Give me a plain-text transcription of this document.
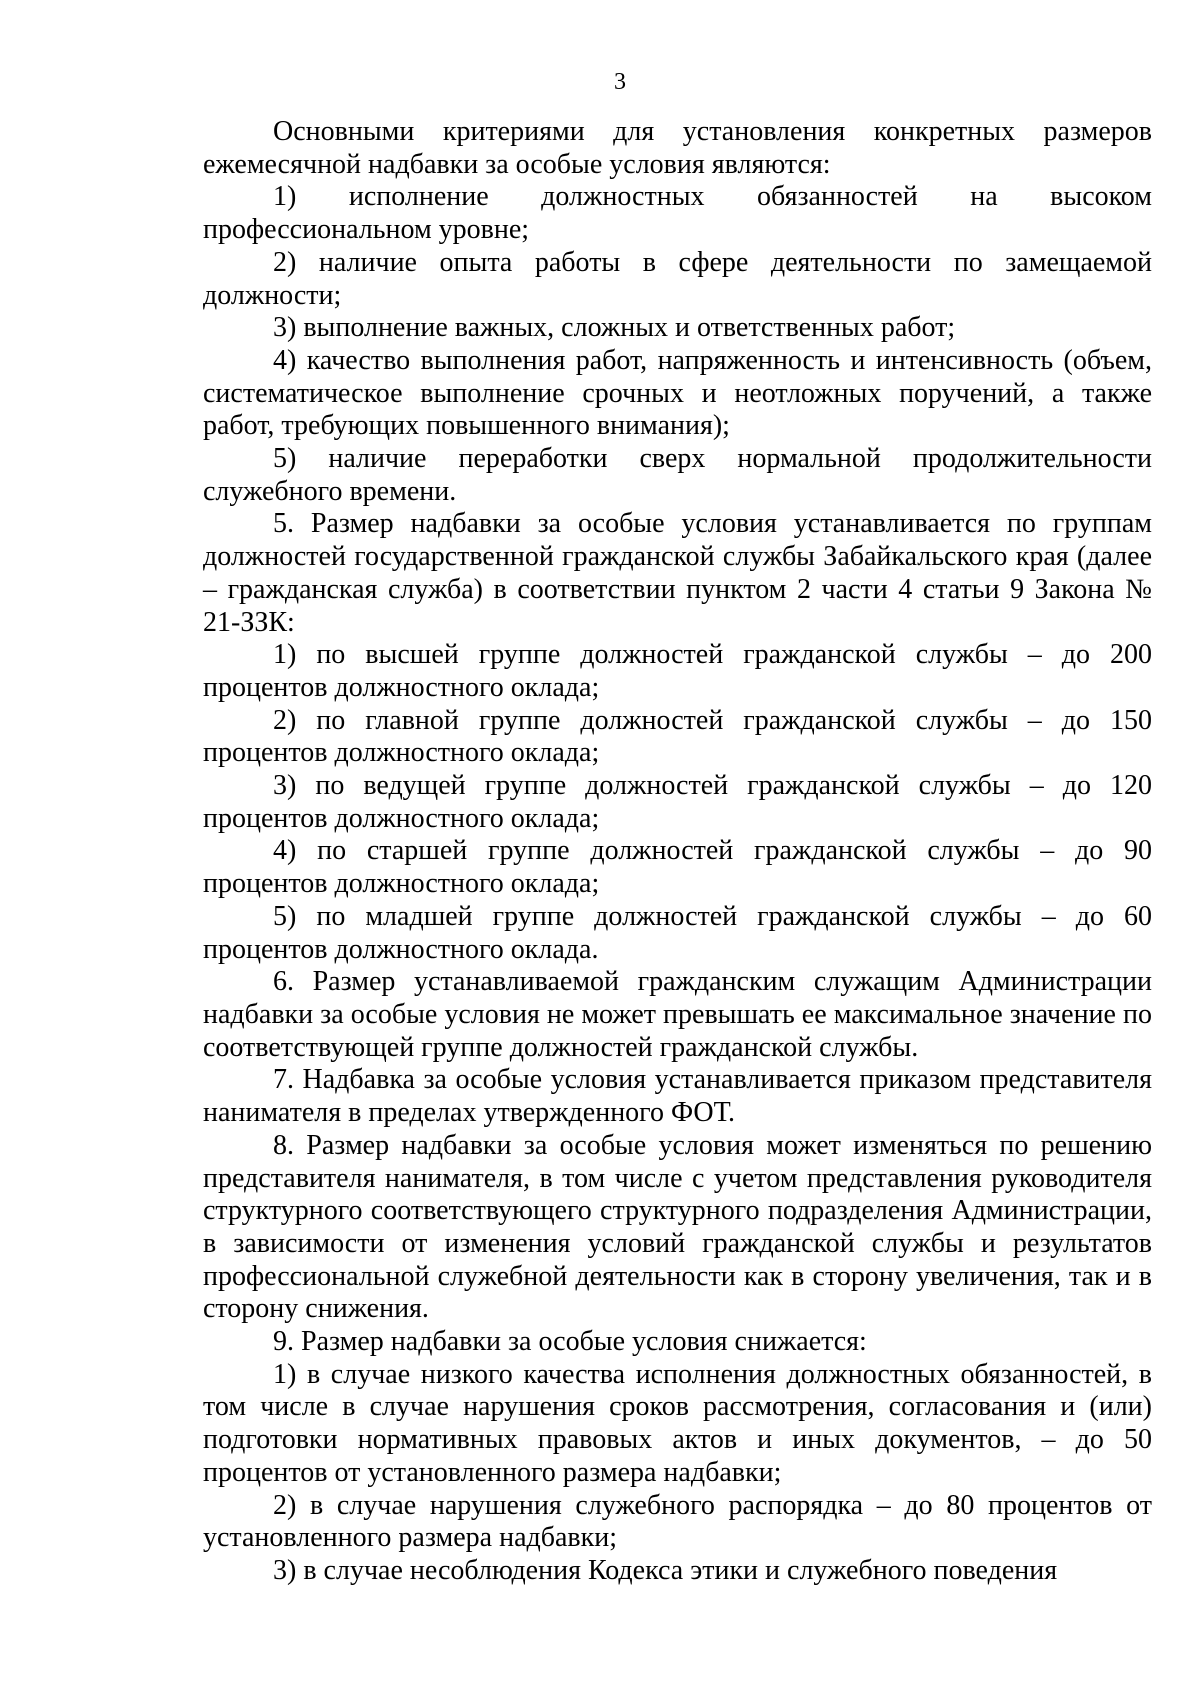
3

Основными критериями для установления конкретных размеров ежемесячной надбавки за особые условия являются:

1) исполнение должностных обязанностей на высоком профессиональном уровне;

2) наличие опыта работы в сфере деятельности по замещаемой должности;

3) выполнение важных, сложных и ответственных работ;

4) качество выполнения работ, напряженность и интенсивность (объем, систематическое выполнение срочных и неотложных поручений, а также работ, требующих повышенного внимания);

5) наличие переработки сверх нормальной продолжительности служебного времени.

5. Размер надбавки за особые условия устанавливается по группам должностей государственной гражданской службы Забайкальского края (далее – гражданская служба) в соответствии пунктом 2 части 4 статьи 9 Закона № 21-ЗЗК:

1) по высшей группе должностей гражданской службы – до 200 процентов должностного оклада;

2) по главной группе должностей гражданской службы – до 150 процентов должностного оклада;

3) по ведущей группе должностей гражданской службы – до 120 процентов должностного оклада;

4) по старшей группе должностей гражданской службы – до 90 процентов должностного оклада;

5) по младшей группе должностей гражданской службы – до 60 процентов должностного оклада.

6. Размер устанавливаемой гражданским служащим Администрации надбавки за особые условия не может превышать ее максимальное значение по соответствующей группе должностей гражданской службы.

7. Надбавка за особые условия устанавливается приказом представителя нанимателя в пределах утвержденного ФОТ.

8. Размер надбавки за особые условия может изменяться по решению представителя нанимателя, в том числе с учетом представления руководителя структурного соответствующего структурного подразделения Администрации, в зависимости от изменения условий гражданской службы и результатов профессиональной служебной деятельности как в сторону увеличения, так и в сторону снижения.

9. Размер надбавки за особые условия снижается:

1) в случае низкого качества исполнения должностных обязанностей, в том числе в случае нарушения сроков рассмотрения, согласования и (или) подготовки нормативных правовых актов и иных документов, – до 50 процентов от установленного размера надбавки;

2) в случае нарушения служебного распорядка – до 80 процентов от установленного размера надбавки;

3) в случае несоблюдения Кодекса этики и служебного поведения
